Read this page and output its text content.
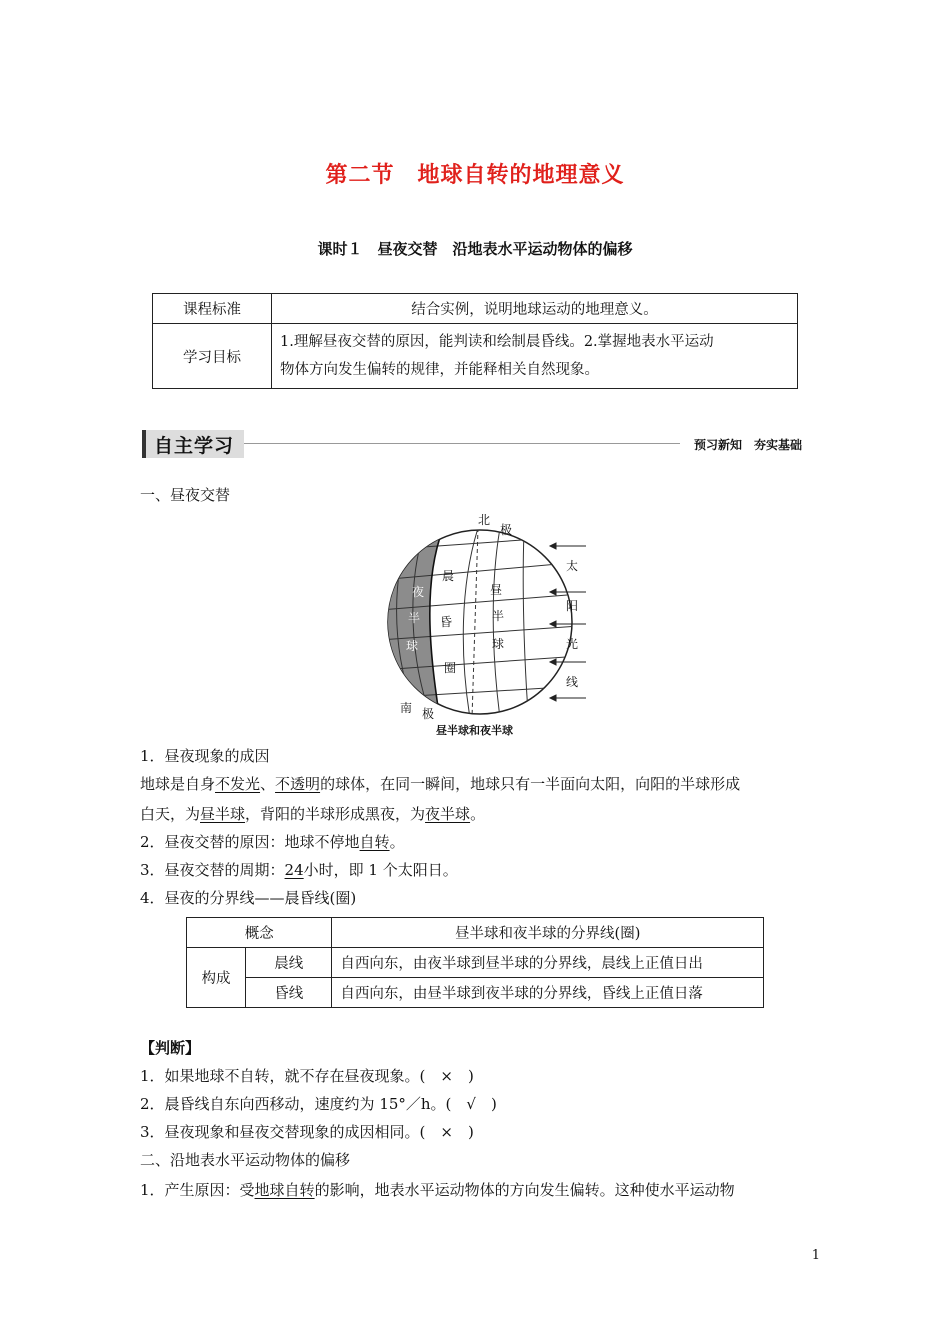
第二节　地球自转的地理意义
课时１　昼夜交替　沿地表水平运动物体的偏移
课程标准	结合实例，说明地球运动的地理意义。
学习目标	1.理解昼夜交替的原因，能判读和绘制晨昏线。2.掌握地表水平运动
物体方向发生偏转的规律，并能释相关自然现象。
自主学习	预习新知　夯实基础
一、昼夜交替
北
极
南 极
晨
昏
圈
夜
半
球
昼
半
球
太
阳
光
线
昼半球和夜半球
1．昼夜现象的成因
地球是自身不发光、不透明的球体，在同一瞬间，地球只有一半面向太阳，向阳的半球形成
白天，为昼半球，背阳的半球形成黑夜，为夜半球。
2．昼夜交替的原因：地球不停地自转。
3．昼夜交替的周期：24小时，即 1 个太阳日。
4．昼夜的分界线——晨昏线(圈)
概念		昼半球和夜半球的分界线(圈)
构成	晨线	自西向东，由夜半球到昼半球的分界线，晨线上正值日出
	昏线	自西向东，由昼半球到夜半球的分界线，昏线上正值日落
【判断】
1．如果地球不自转，就不存在昼夜现象。(　×　)
2．晨昏线自东向西移动，速度约为 15°／h。(　√　)
3．昼夜现象和昼夜交替现象的成因相同。(　×　)
二、沿地表水平运动物体的偏移
1．产生原因：受地球自转的影响，地表水平运动物体的方向发生偏转。这种使水平运动物
1
